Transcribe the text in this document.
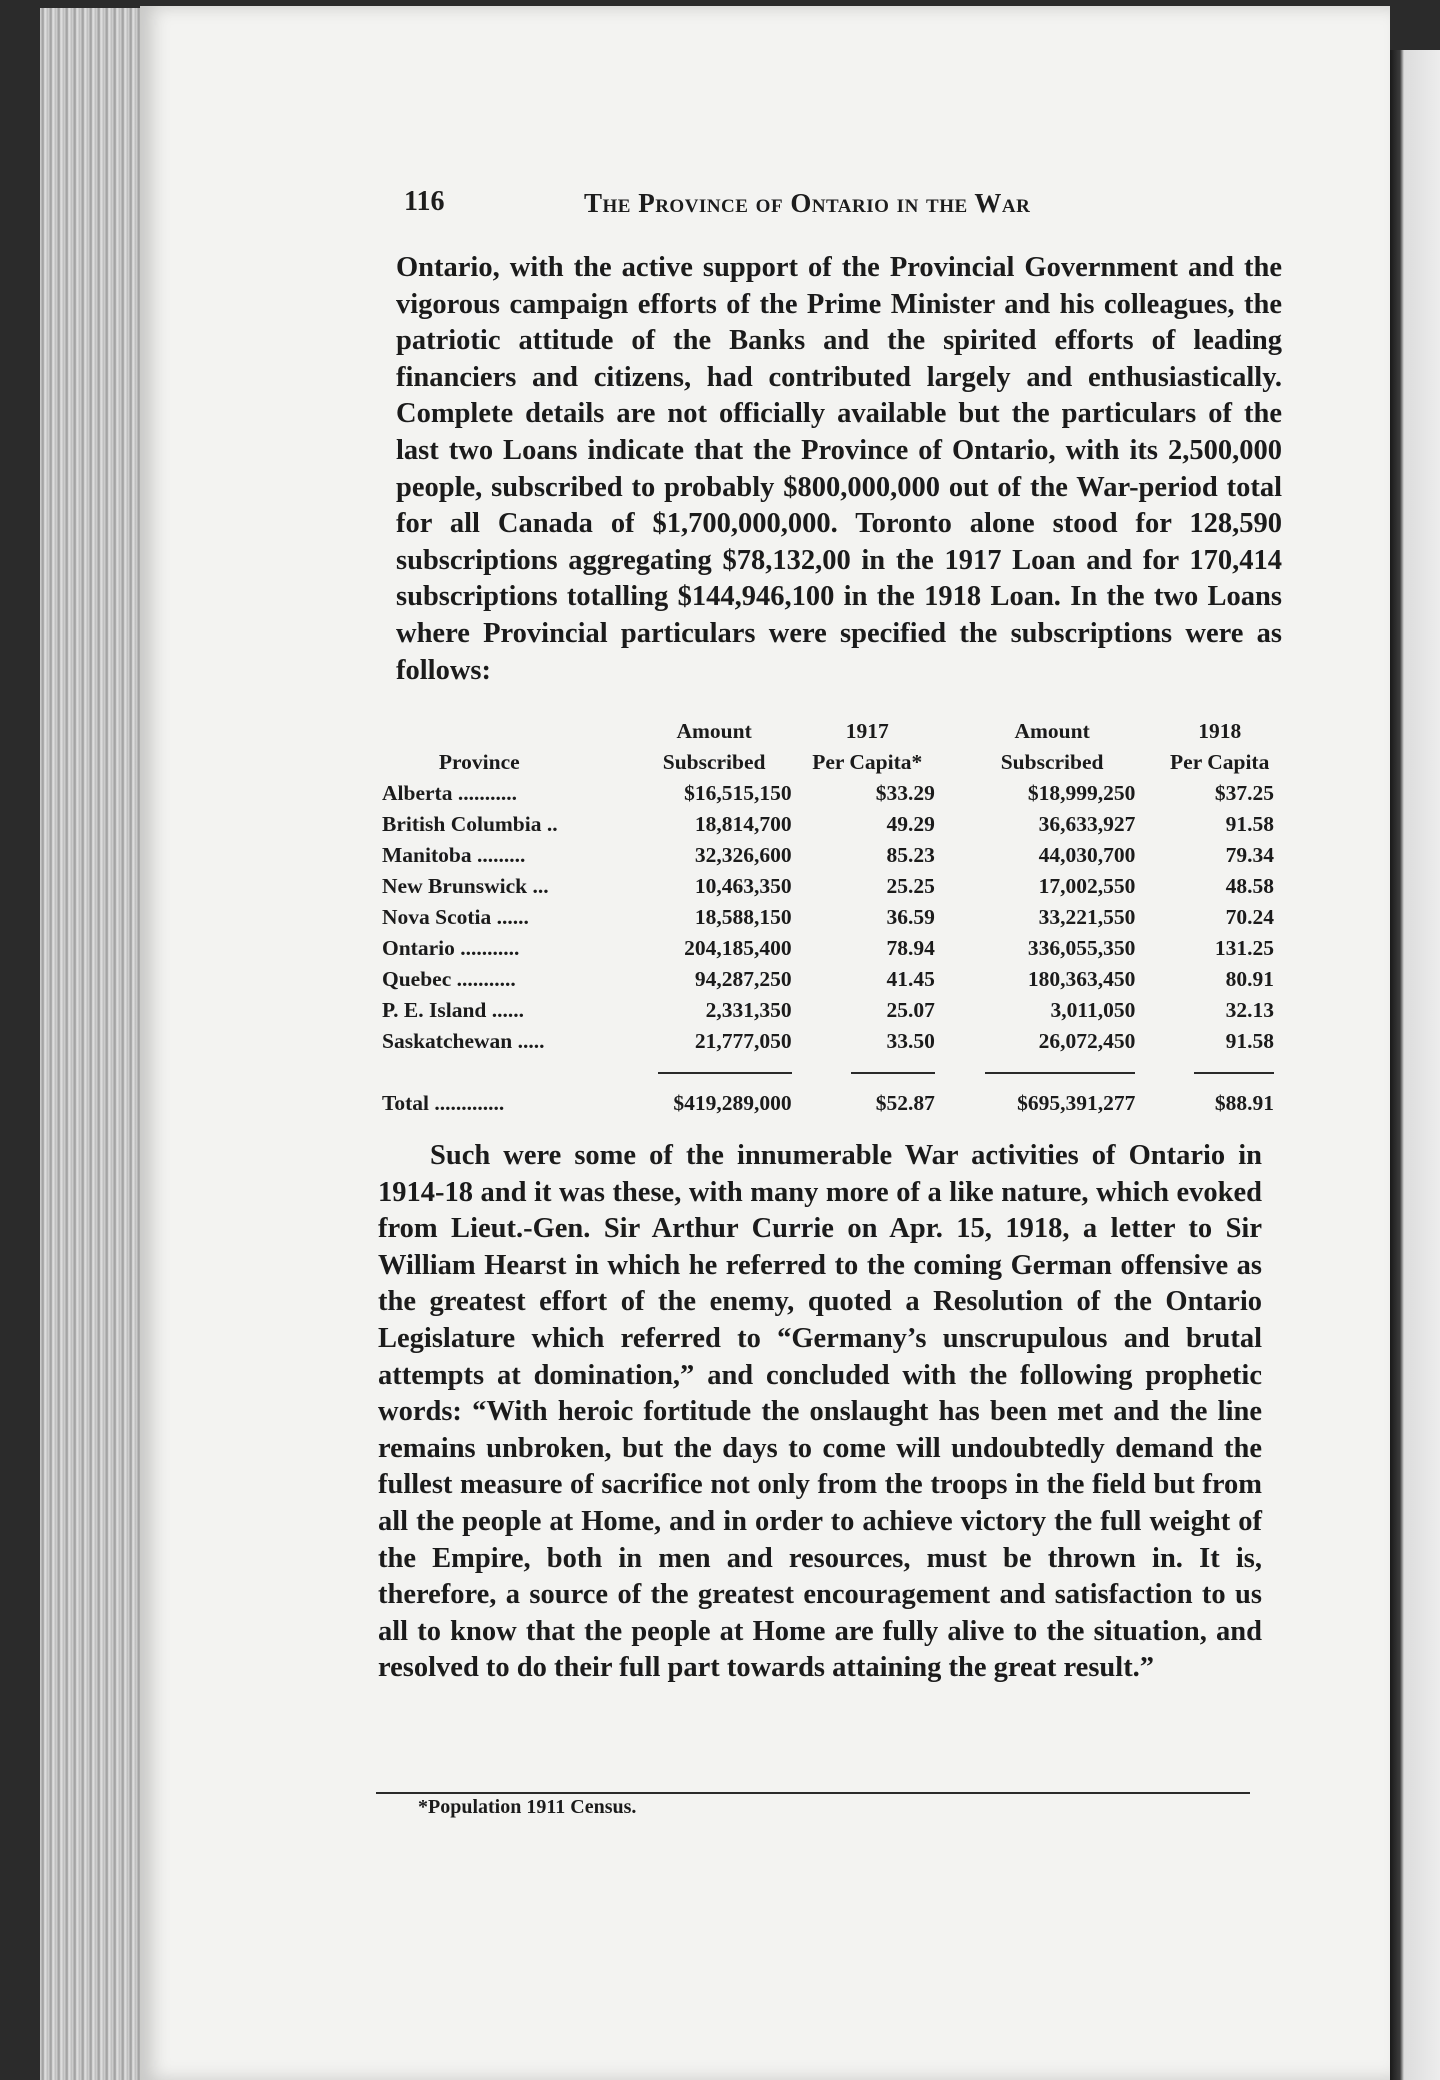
116	The Province of Ontario in the War

Ontario, with the active support of the Provincial Government and the vigorous campaign efforts of the Prime Minister and his colleagues, the patriotic attitude of the Banks and the spirited efforts of leading financiers and citizens, had contributed largely and enthusiastically. Complete details are not officially available but the particulars of the last two Loans indicate that the Province of Ontario, with its 2,500,000 people, subscribed to probably $800,000,000 out of the War-period total for all Canada of $1,700,000,000. Toronto alone stood for 128,590 subscriptions aggregating $78,132,00 in the 1917 Loan and for 170,414 subscriptions totalling $144,946,100 in the 1918 Loan. In the two Loans where Provincial particulars were specified the subscriptions were as follows:

	Amount	1917	Amount	1918
Province	Subscribed	Per Capita*	Subscribed	Per Capita
Alberta ...........	$16,515,150	$33.29	$18,999,250	$37.25
British Columbia ..	18,814,700	49.29	36,633,927	91.58
Manitoba .........	32,326,600	85.23	44,030,700	79.34
New Brunswick ...	10,463,350	25.25	17,002,550	48.58
Nova Scotia ......	18,588,150	36.59	33,221,550	70.24
Ontario ...........	204,185,400	78.94	336,055,350	131.25
Quebec ...........	94,287,250	41.45	180,363,450	80.91
P. E. Island ......	2,331,350	25.07	3,011,050	32.13
Saskatchewan .....	21,777,050	33.50	26,072,450	91.58

Total .............	$419,289,000	$52.87	$695,391,277	$88.91

Such were some of the innumerable War activities of Ontario in 1914-18 and it was these, with many more of a like nature, which evoked from Lieut.-Gen. Sir Arthur Currie on Apr. 15, 1918, a letter to Sir William Hearst in which he referred to the coming German offensive as the greatest effort of the enemy, quoted a Resolution of the Ontario Legislature which referred to “Germany’s unscrupulous and brutal attempts at domination,” and concluded with the following prophetic words: “With heroic fortitude the onslaught has been met and the line remains unbroken, but the days to come will undoubtedly demand the fullest measure of sacrifice not only from the troops in the field but from all the people at Home, and in order to achieve victory the full weight of the Empire, both in men and resources, must be thrown in. It is, therefore, a source of the greatest encouragement and satisfaction to us all to know that the people at Home are fully alive to the situation, and resolved to do their full part towards attaining the great result.”

*Population 1911 Census.
